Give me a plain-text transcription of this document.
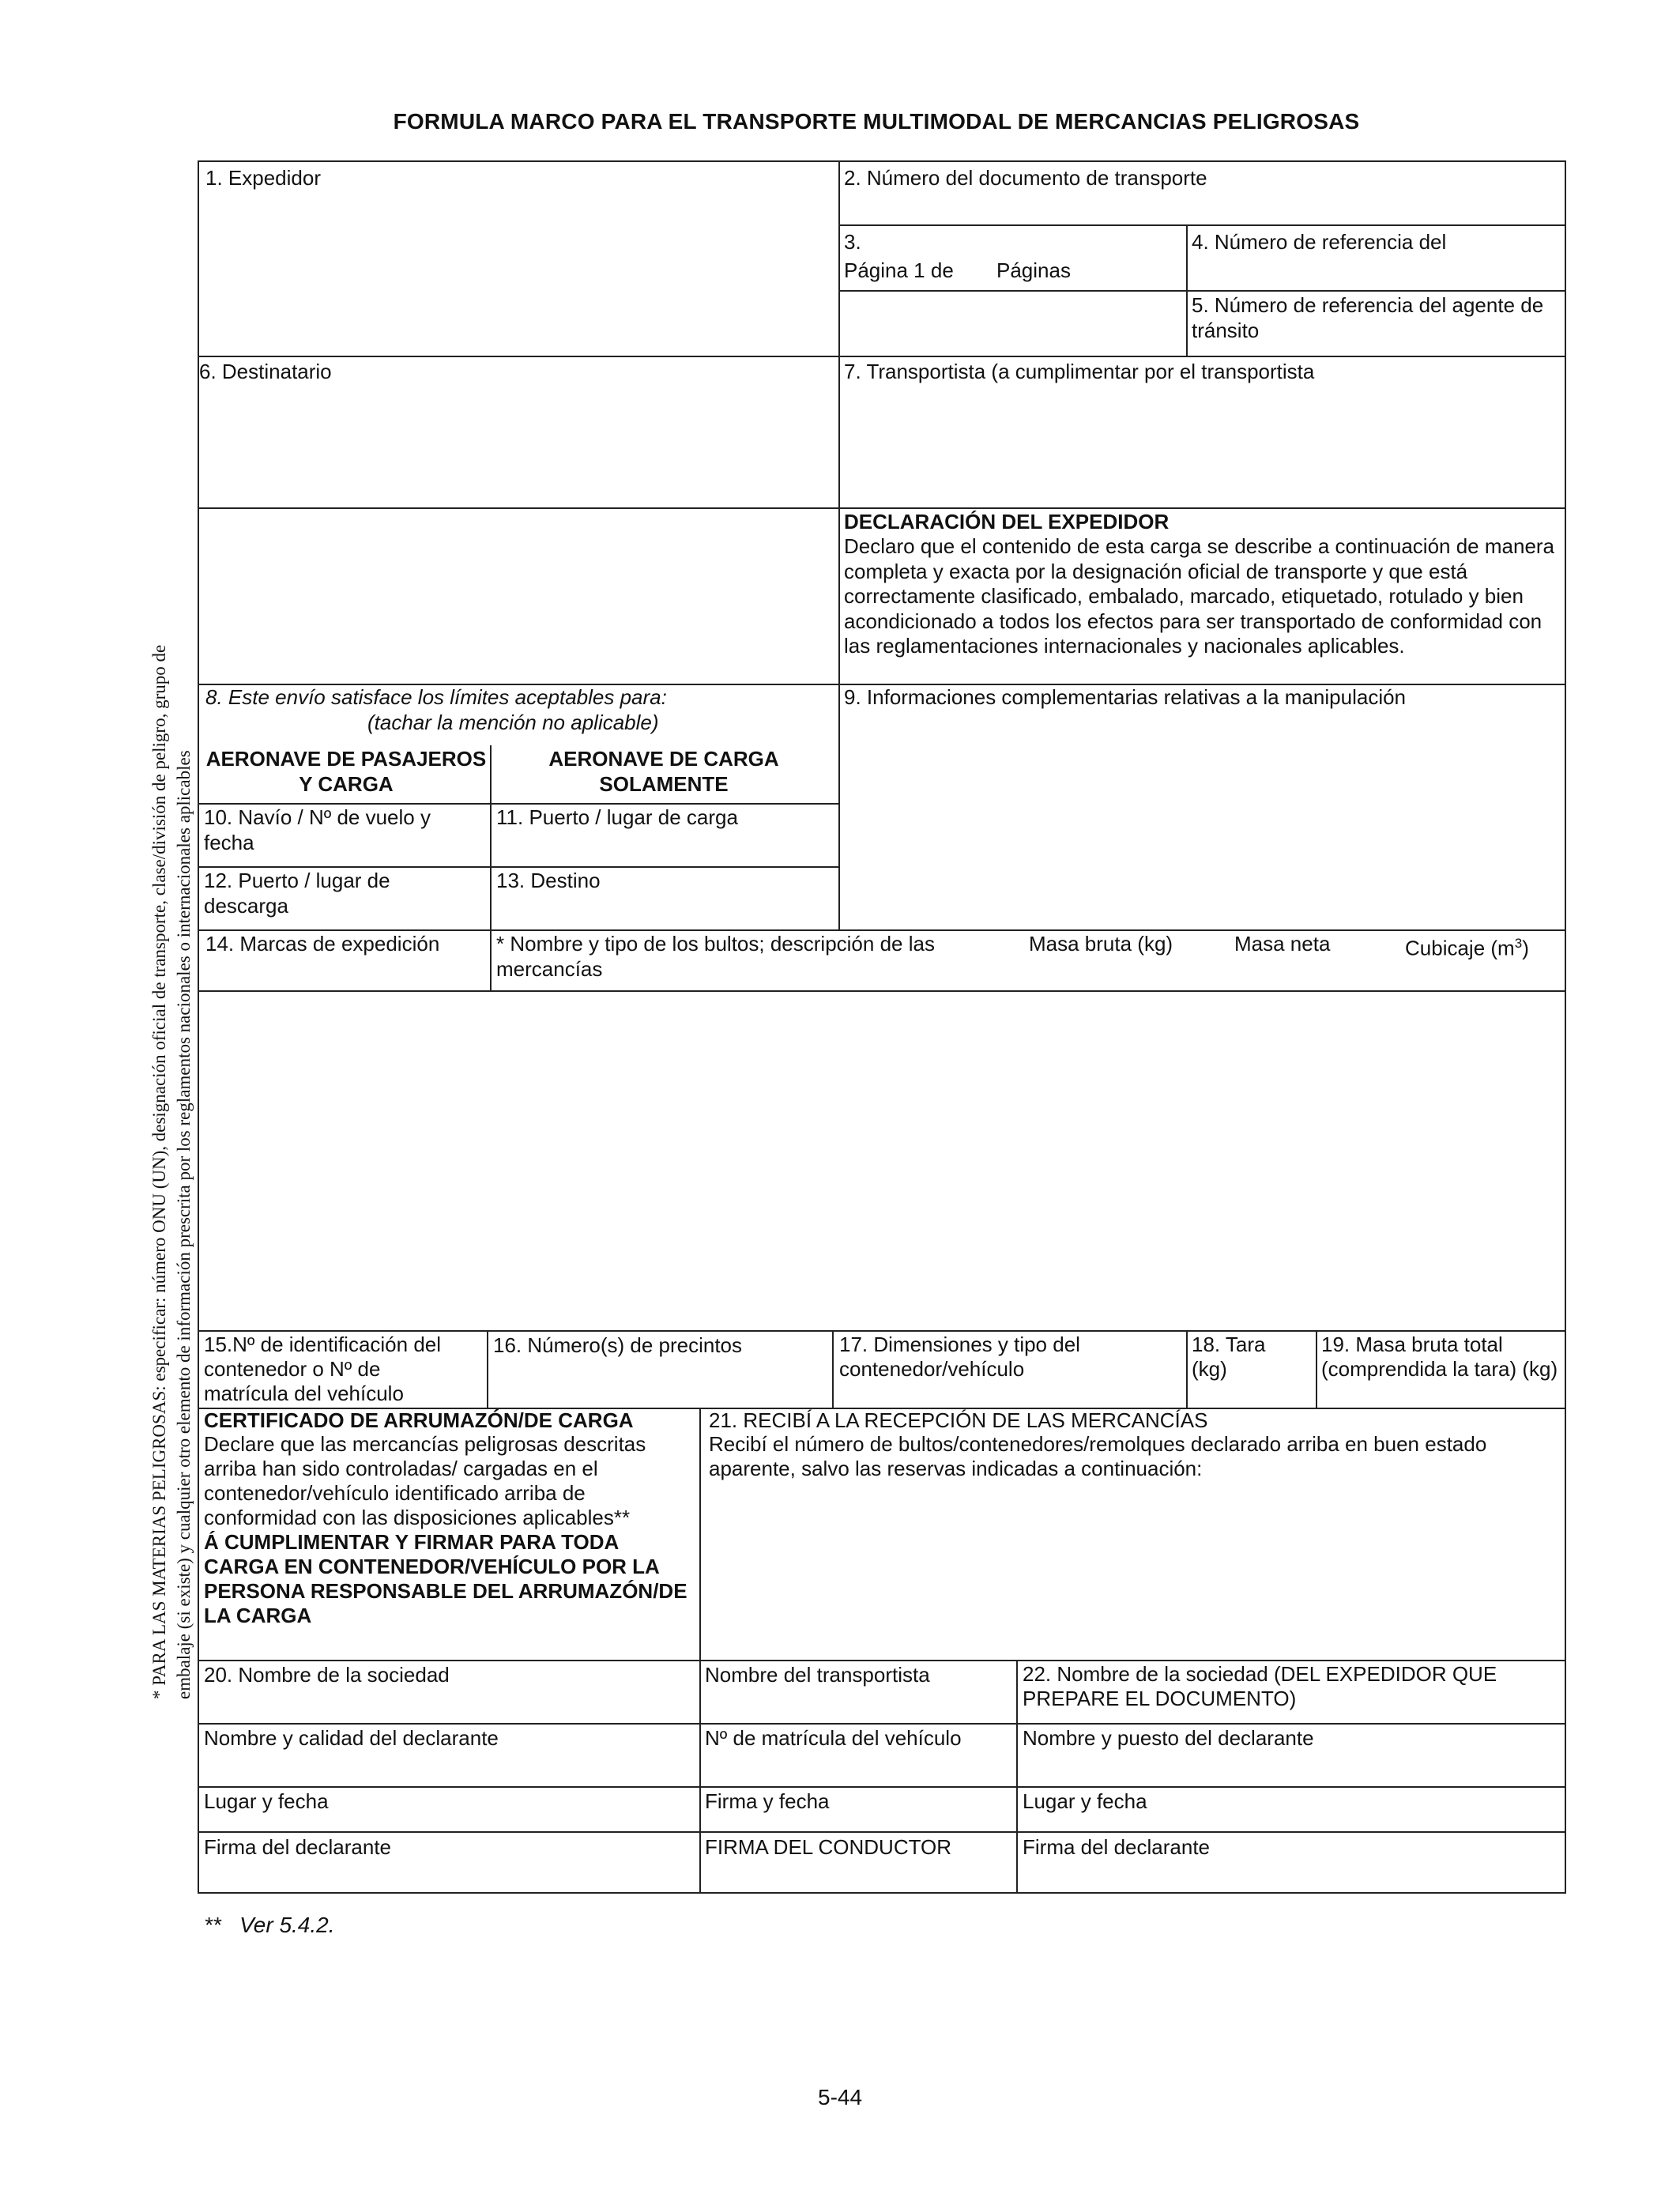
FORMULA MARCO PARA EL TRANSPORTE MULTIMODAL DE MERCANCIAS PELIGROSAS
* PARA LAS MATERIAS PELIGROSAS: especificar: número ONU (UN), designación oficial de transporte, clase/división de peligro, grupo de embalaje (si existe) y cualquier otro elemento de información prescrita por los reglamentos nacionales o internacionales aplicables
1. Expedidor	2. Número del documento de transporte
3.
Página 1 de Páginas
4. Número de referencia del
5. Número de referencia del agente de tránsito
6. Destinatario	7. Transportista (a cumplimentar por el transportista
DECLARACIÓN DEL EXPEDIDOR
Declaro que el contenido de esta carga se describe a continuación de manera completa y exacta por la designación oficial de transporte y que está correctamente clasificado, embalado, marcado, etiquetado, rotulado y bien acondicionado a todos los efectos para ser transportado de conformidad con las reglamentaciones internacionales y nacionales aplicables.
8. Este envío satisface los límites aceptables para:
(tachar la mención no aplicable)
AERONAVE DE PASAJEROS Y CARGA
AERONAVE DE CARGA SOLAMENTE
9. Informaciones complementarias relativas a la manipulación
10. Navío / Nº de vuelo y fecha
11. Puerto / lugar de carga
12. Puerto / lugar de descarga
13. Destino
14. Marcas de expedición	* Nombre y tipo de los bultos; descripción de las mercancías
Masa bruta (kg)	Masa neta	Cubicaje $(m^3)$
15.Nº de identificación del contenedor o Nº de matrícula del vehículo
16. Número(s) de precintos	17. Dimensiones y tipo del contenedor/vehículo
18. Tara (kg)
19. Masa bruta total (comprendida la tara) (kg)
CERTIFICADO DE ARRUMAZÓN/DE CARGA
Declare que las mercancías peligrosas descritas arriba han sido controladas/ cargadas en el contenedor/vehículo identificado arriba de conformidad con las disposiciones aplicables**
Á CUMPLIMENTAR Y FIRMAR PARA TODA CARGA EN CONTENEDOR/VEHÍCULO POR LA PERSONA RESPONSABLE DEL ARRUMAZÓN/DE LA CARGA
21. RECIBÍ A LA RECEPCIÓN DE LAS MERCANCÍAS
Recibí el número de bultos/contenedores/remolques declarado arriba en buen estado aparente, salvo las reservas indicadas a continuación:
20. Nombre de la sociedad	Nombre del transportista	22. Nombre de la sociedad (DEL EXPEDIDOR QUE PREPARE EL DOCUMENTO)
Nombre y calidad del declarante	Nº de matrícula del vehículo	Nombre y puesto del declarante
Lugar y fecha	Firma y fecha	Lugar y fecha
Firma del declarante	FIRMA DEL CONDUCTOR	Firma del declarante
**   Ver 5.4.2.
5-44
